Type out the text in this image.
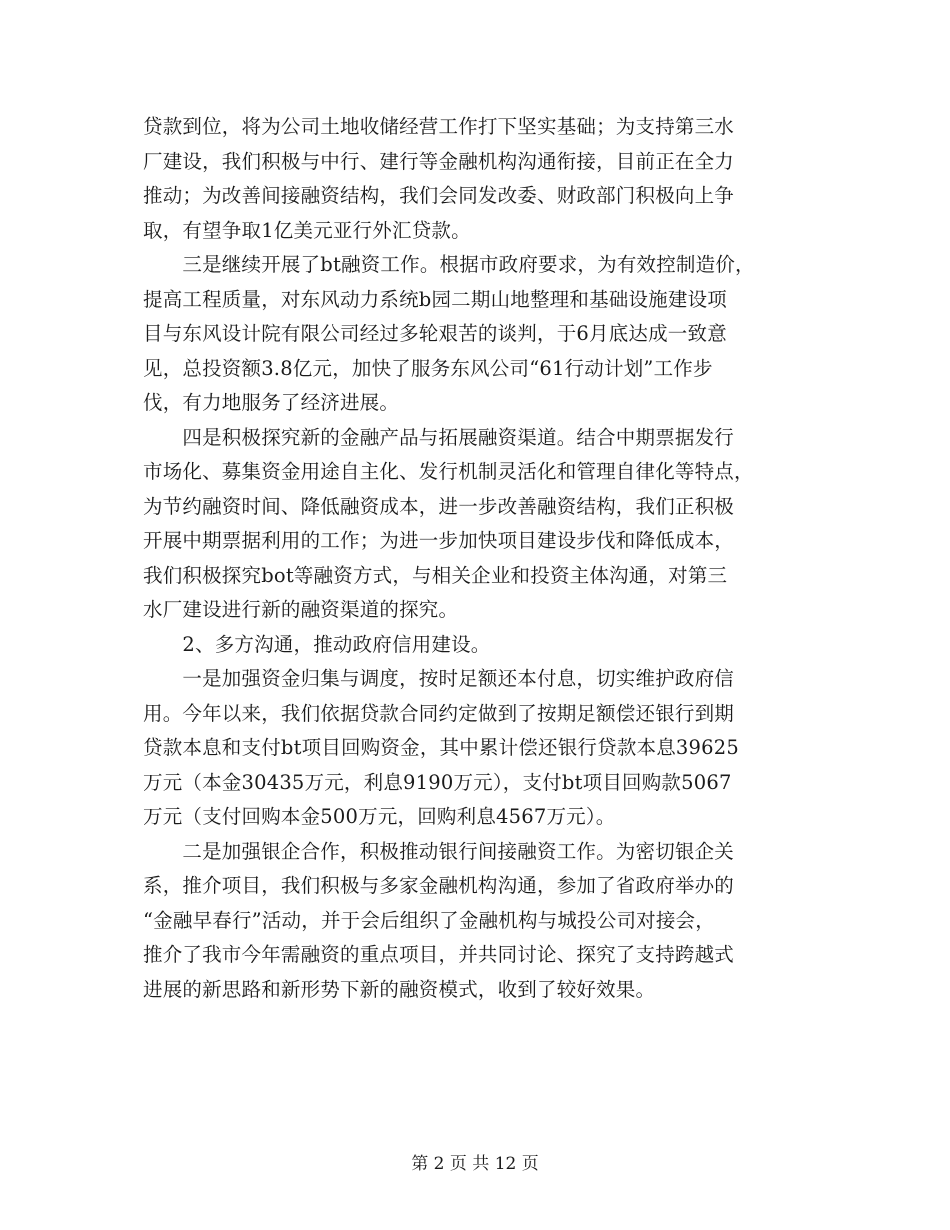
贷款到位，将为公司土地收储经营工作打下坚实基础；为支持第三水
厂建设，我们积极与中行、建行等金融机构沟通衔接，目前正在全力
推动；为改善间接融资结构，我们会同发改委、财政部门积极向上争
取，有望争取1亿美元亚行外汇贷款。
　　三是继续开展了bt融资工作。根据市政府要求，为有效控制造价，
提高工程质量，对东风动力系统b园二期山地整理和基础设施建设项
目与东风设计院有限公司经过多轮艰苦的谈判，于6月底达成一致意
见，总投资额3.8亿元，加快了服务东风公司“61行动计划”工作步
伐，有力地服务了经济进展。
　　四是积极探究新的金融产品与拓展融资渠道。结合中期票据发行
市场化、募集资金用途自主化、发行机制灵活化和管理自律化等特点，
为节约融资时间、降低融资成本，进一步改善融资结构，我们正积极
开展中期票据利用的工作；为进一步加快项目建设步伐和降低成本，
我们积极探究bot等融资方式，与相关企业和投资主体沟通，对第三
水厂建设进行新的融资渠道的探究。
　　2、多方沟通，推动政府信用建设。
　　一是加强资金归集与调度，按时足额还本付息，切实维护政府信
用。今年以来，我们依据贷款合同约定做到了按期足额偿还银行到期
贷款本息和支付bt项目回购资金，其中累计偿还银行贷款本息39625
万元（本金30435万元，利息9190万元），支付bt项目回购款5067
万元（支付回购本金500万元，回购利息4567万元）。
　　二是加强银企合作，积极推动银行间接融资工作。为密切银企关
系，推介项目，我们积极与多家金融机构沟通，参加了省政府举办的
“金融早春行”活动，并于会后组织了金融机构与城投公司对接会，
推介了我市今年需融资的重点项目，并共同讨论、探究了支持跨越式
进展的新思路和新形势下新的融资模式，收到了较好效果。
第 2 页 共 12 页
